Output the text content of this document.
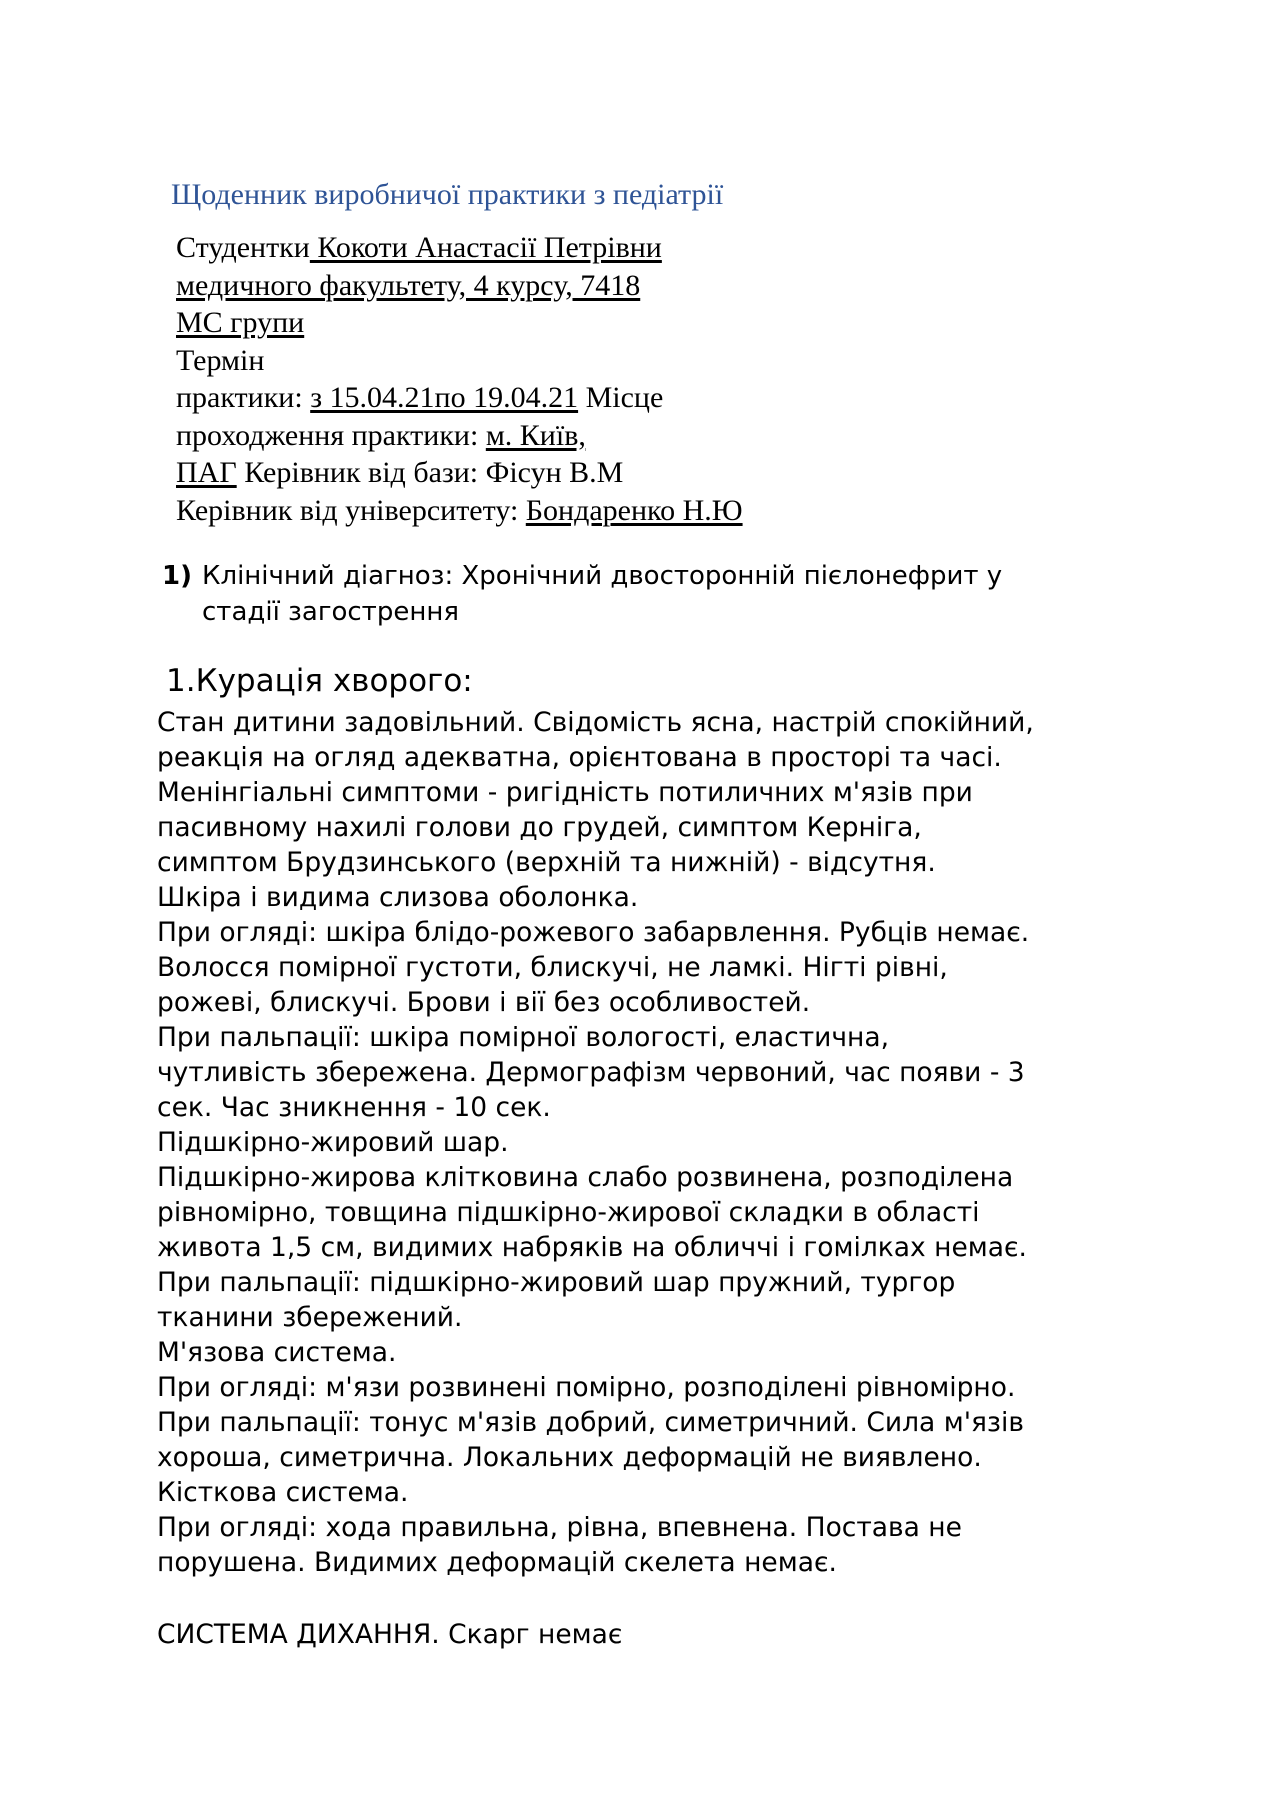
Щоденник виробничої практики з педіатрії
Студентки Кокоти Анастасії Петрівни
медичного факультету, 4 курсу, 7418
МС групи
Термін
практики: з 15.04.21по 19.04.21 Місце
проходження практики: м. Київ,
ПАГ Керівник від бази: Фісун В.М
Керівник від університету: Бондаренко Н.Ю
1) Клінічний діагноз: Хронічний двосторонній пієлонефрит у
стадії загострення
1.Курація хворого:
Стан дитини задовільний. Свідомість ясна, настрій спокійний,
реакція на огляд адекватна, орієнтована в просторі та часі.
Менінгіальні симптоми - ригідність потиличних м'язів при
пасивному нахилі голови до грудей, симптом Керніга,
симптом Брудзинського (верхній та нижній) - відсутня.
Шкіра і видима слизова оболонка.
При огляді: шкіра блідо-рожевого забарвлення. Рубців немає.
Волосся помірної густоти, блискучі, не ламкі. Нігті рівні,
рожеві, блискучі. Брови і вії без особливостей.
При пальпації: шкіра помірної вологості, еластична,
чутливість збережена. Дермографізм червоний, час появи - 3
сек. Час зникнення - 10 сек.
Підшкірно-жировий шар.
Підшкірно-жирова клітковина слабо розвинена, розподілена
рівномірно, товщина підшкірно-жирової складки в області
живота 1,5 см, видимих набряків на обличчі і гомілках немає.
При пальпації: підшкірно-жировий шар пружний, тургор
тканини збережений.
М'язова система.
При огляді: м'язи розвинені помірно, розподілені рівномірно.
При пальпації: тонус м'язів добрий, симетричний. Сила м'язів
хороша, симетрична. Локальних деформацій не виявлено.
Кісткова система.
При огляді: хода правильна, рівна, впевнена. Постава не
порушена. Видимих деформацій скелета немає.
СИСТЕМА ДИХАННЯ. Скарг немає
